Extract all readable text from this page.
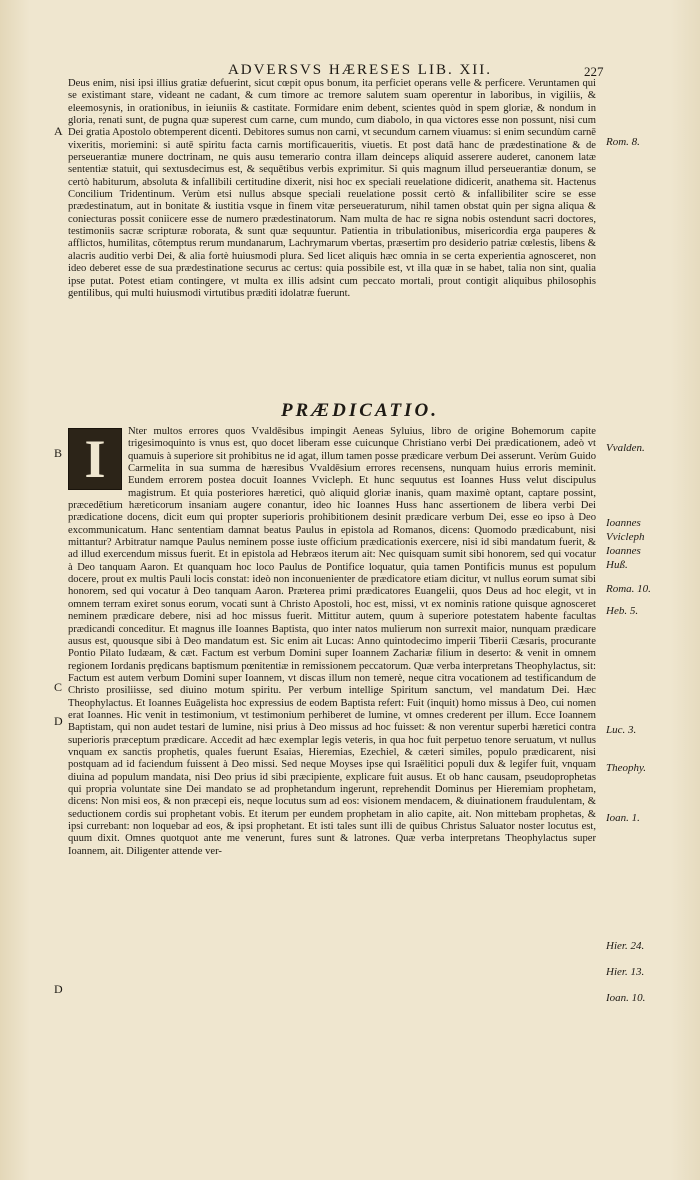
ADVERSVS HÆRESES LIB. XII.	227

Deus enim, nisi ipsi illius gratiæ defuerint, sicut cœpit opus bonum, ita perficiet operans velle & perficere. Veruntamen qui se existimant stare, videant ne cadant, & cum timore ac tremore salutem suam operentur in laboribus, in vigiliis, & eleemosynis, in orationibus, in ieiuniis & castitate. Formidare enim debent, scientes quòd in spem gloriæ, & nondum in gloria, renati sunt, de pugna quæ superest cum carne, cum mundo, cum diabolo, in qua victores esse non possunt, nisi cum Dei gratia Apostolo obtemperent dicenti. Debitores sumus non carni, vt secundum carnem viuamus: si enim secundùm carnē vixeritis, moriemini: si autē spiritu facta carnis mortificaueritis, viuetis. Et post datā hanc de prædestinatione & de perseuerantiæ munere doctrinam, ne quis ausu temerario contra illam deinceps aliquid asserere auderet, canonem latæ sententiæ statuit, qui sextusdecimus est, & sequētibus verbis exprimitur. Si quis magnum illud perseuerantiæ donum, se certò habiturum, absoluta & infallibili certitudine dixerit, nisi hoc ex speciali reuelatione didicerit, anathema sit. Hactenus Concilium Tridentinum. Verùm etsi nullus absque speciali reuelatione possit certò & infallibiliter scire se esse prædestinatum, aut in bonitate & iustitia vsque in finem vitæ perseueraturum, nihil tamen obstat quin per signa aliqua & coniecturas possit coniicere esse de numero prædestinatorum. Nam multa de hac re signa nobis ostendunt sacri doctores, testimoniis sacræ scripturæ roborata, & sunt quæ sequuntur. Patientia in tribulationibus, misericordia erga pauperes & afflictos, humilitas, cōtemptus rerum mundanarum, Lachrymarum vbertas, præsertim pro desiderio patriæ cœlestis, libens & alacris auditio verbi Dei, & alia fortè huiusmodi plura. Sed licet aliquis hæc omnia in se certa experientia agnosceret, non ideo deberet esse de sua prædestinatione securus ac certus: quia possibile est, vt illa quæ in se habet, talia non sint, qualia ipse putat. Potest etiam contingere, vt multa ex illis adsint cum peccato mortali, prout contigit aliquibus philosophis gentilibus, qui multi huiusmodi virtutibus præditi idolatræ fuerunt.

PRÆDICATIO.
I	Nter multos errores quos Vvaldēsibus impingit Aeneas Syluius, libro de origine Bohemorum capite trigesimoquinto is vnus est, quo docet liberam esse cuicunque Christiano verbi Dei prædicationem, adeò vt quamuis à superiore sit prohibitus ne id agat, illum tamen posse prædicare verbum Dei asserunt. Verùm Guido Carmelita in sua summa de hæresibus Vvaldēsium errores recensens, nunquam huius erroris meminit. Eundem errorem postea docuit Ioannes Vvicleph. Et hunc sequutus est Ioannes Huss velut discipulus magistrum. Et quia posteriores hæretici, quò aliquid gloriæ inanis, quam maximè optant, captare possint, præcedētium hæreticorum insaniam augere conantur, ideo hic Ioannes Huss hanc assertionem de libera verbi Dei prædicatione docens, dicit eum qui propter superioris prohibitionem desinit prædicare verbum Dei, esse eo ipso à Deo excommunicatum. Hanc sententiam damnat beatus Paulus in epistola ad Romanos, dicens: Quomodo prædicabunt, nisi mittantur? Arbitratur namque Paulus neminem posse iuste officium prædicationis exercere, nisi id sibi mandatum fuerit, & ad illud exercendum missus fuerit. Et in epistola ad Hebræos iterum ait: Nec quisquam sumit sibi honorem, sed qui vocatur à Deo tanquam Aaron. Et quanquam hoc loco Paulus de Pontifice loquatur, quia tamen Pontificis munus est populum docere, prout ex multis Pauli locis constat: ideò non inconuenienter de prædicatore etiam dicitur, vt nullus eorum sumat sibi honorem, sed qui vocatur à Deo tanquam Aaron. Præterea primi prædicatores Euangelii, quos Deus ad hoc elegit, vt in omnem terram exiret sonus eorum, vocati sunt à Christo Apostoli, hoc est, missi, vt ex nominis ratione quisque agnosceret neminem prædicare debere, nisi ad hoc missus fuerit. Mittitur autem, quum à superiore potestatem habente facultas prædicandi conceditur. Et magnus ille Ioannes Baptista, quo inter natos mulierum non surrexit maior, nunquam prædicare ausus est, quousque sibi à Deo mandatum est. Sic enim ait Lucas: Anno quintodecimo imperii Tiberii Cæsaris, procurante Pontio Pilato Iudæam, & cæt. Factum est verbum Domini super Ioannem Zachariæ filium in deserto: & venit in omnem regionem Iordanis prędicans baptismum pœnitentiæ in remissionem peccatorum. Quæ verba interpretans Theophylactus, sit: Factum est autem verbum Domini super Ioannem, vt discas illum non temerè, neque citra vocationem ad testificandum de Christo prosiliisse, sed diuino motum spiritu. Per verbum intellige Spiritum sanctum, vel mandatum Dei. Hæc Theophylactus. Et Ioannes Euāgelista hoc expressius de eodem Baptista refert: Fuit (inquit) homo missus à Deo, cui nomen erat Ioannes. Hic venit in testimonium, vt testimonium perhiberet de lumine, vt omnes crederent per illum. Ecce Ioannem Baptistam, qui non audet testari de lumine, nisi prius à Deo missus ad hoc fuisset: & non verentur superbi hæretici contra superioris præceptum prædicare. Accedit ad hæc exemplar legis veteris, in qua hoc fuit perpetuo tenore seruatum, vt nullus vnquam ex sanctis prophetis, quales fuerunt Esaias, Hieremias, Ezechiel, & cæteri similes, populo prædicarent, nisi postquam ad id faciendum fuissent à Deo missi. Sed neque Moyses ipse qui Israëlitici populi dux & legifer fuit, vnquam diuina ad populum mandata, nisi Deo prius id sibi præcipiente, explicare fuit ausus. Et ob hanc causam, pseudoprophetas qui propria voluntate sine Dei mandato se ad prophetandum ingerunt, reprehendit Dominus per Hieremiam prophetam, dicens: Non misi eos, & non præcepi eis, neque locutus sum ad eos: visionem mendacem, & diuinationem fraudulentam, & seductionem cordis sui prophetant vobis. Et iterum per eundem prophetam in alio capite, ait. Non mittebam prophetas, & ipsi currebant: non loquebar ad eos, & ipsi prophetant. Et isti tales sunt illi de quibus Christus Saluator noster locutus est, quum dixit. Omnes quotquot ante me venerunt, fures sunt & latrones. Quæ verba interpretans Theophylactus super Ioannem, ait. Diligenter attende ver-

A
B
C
D
D
Rom. 8.
Vvalden.
Ioannes
Vvicleph
Ioannes
Huß.
Roma. 10.
Heb. 5.
Luc. 3.
Theophy.
Ioan. 1.
Hier. 24.
Hier. 13.
Ioan. 10.
